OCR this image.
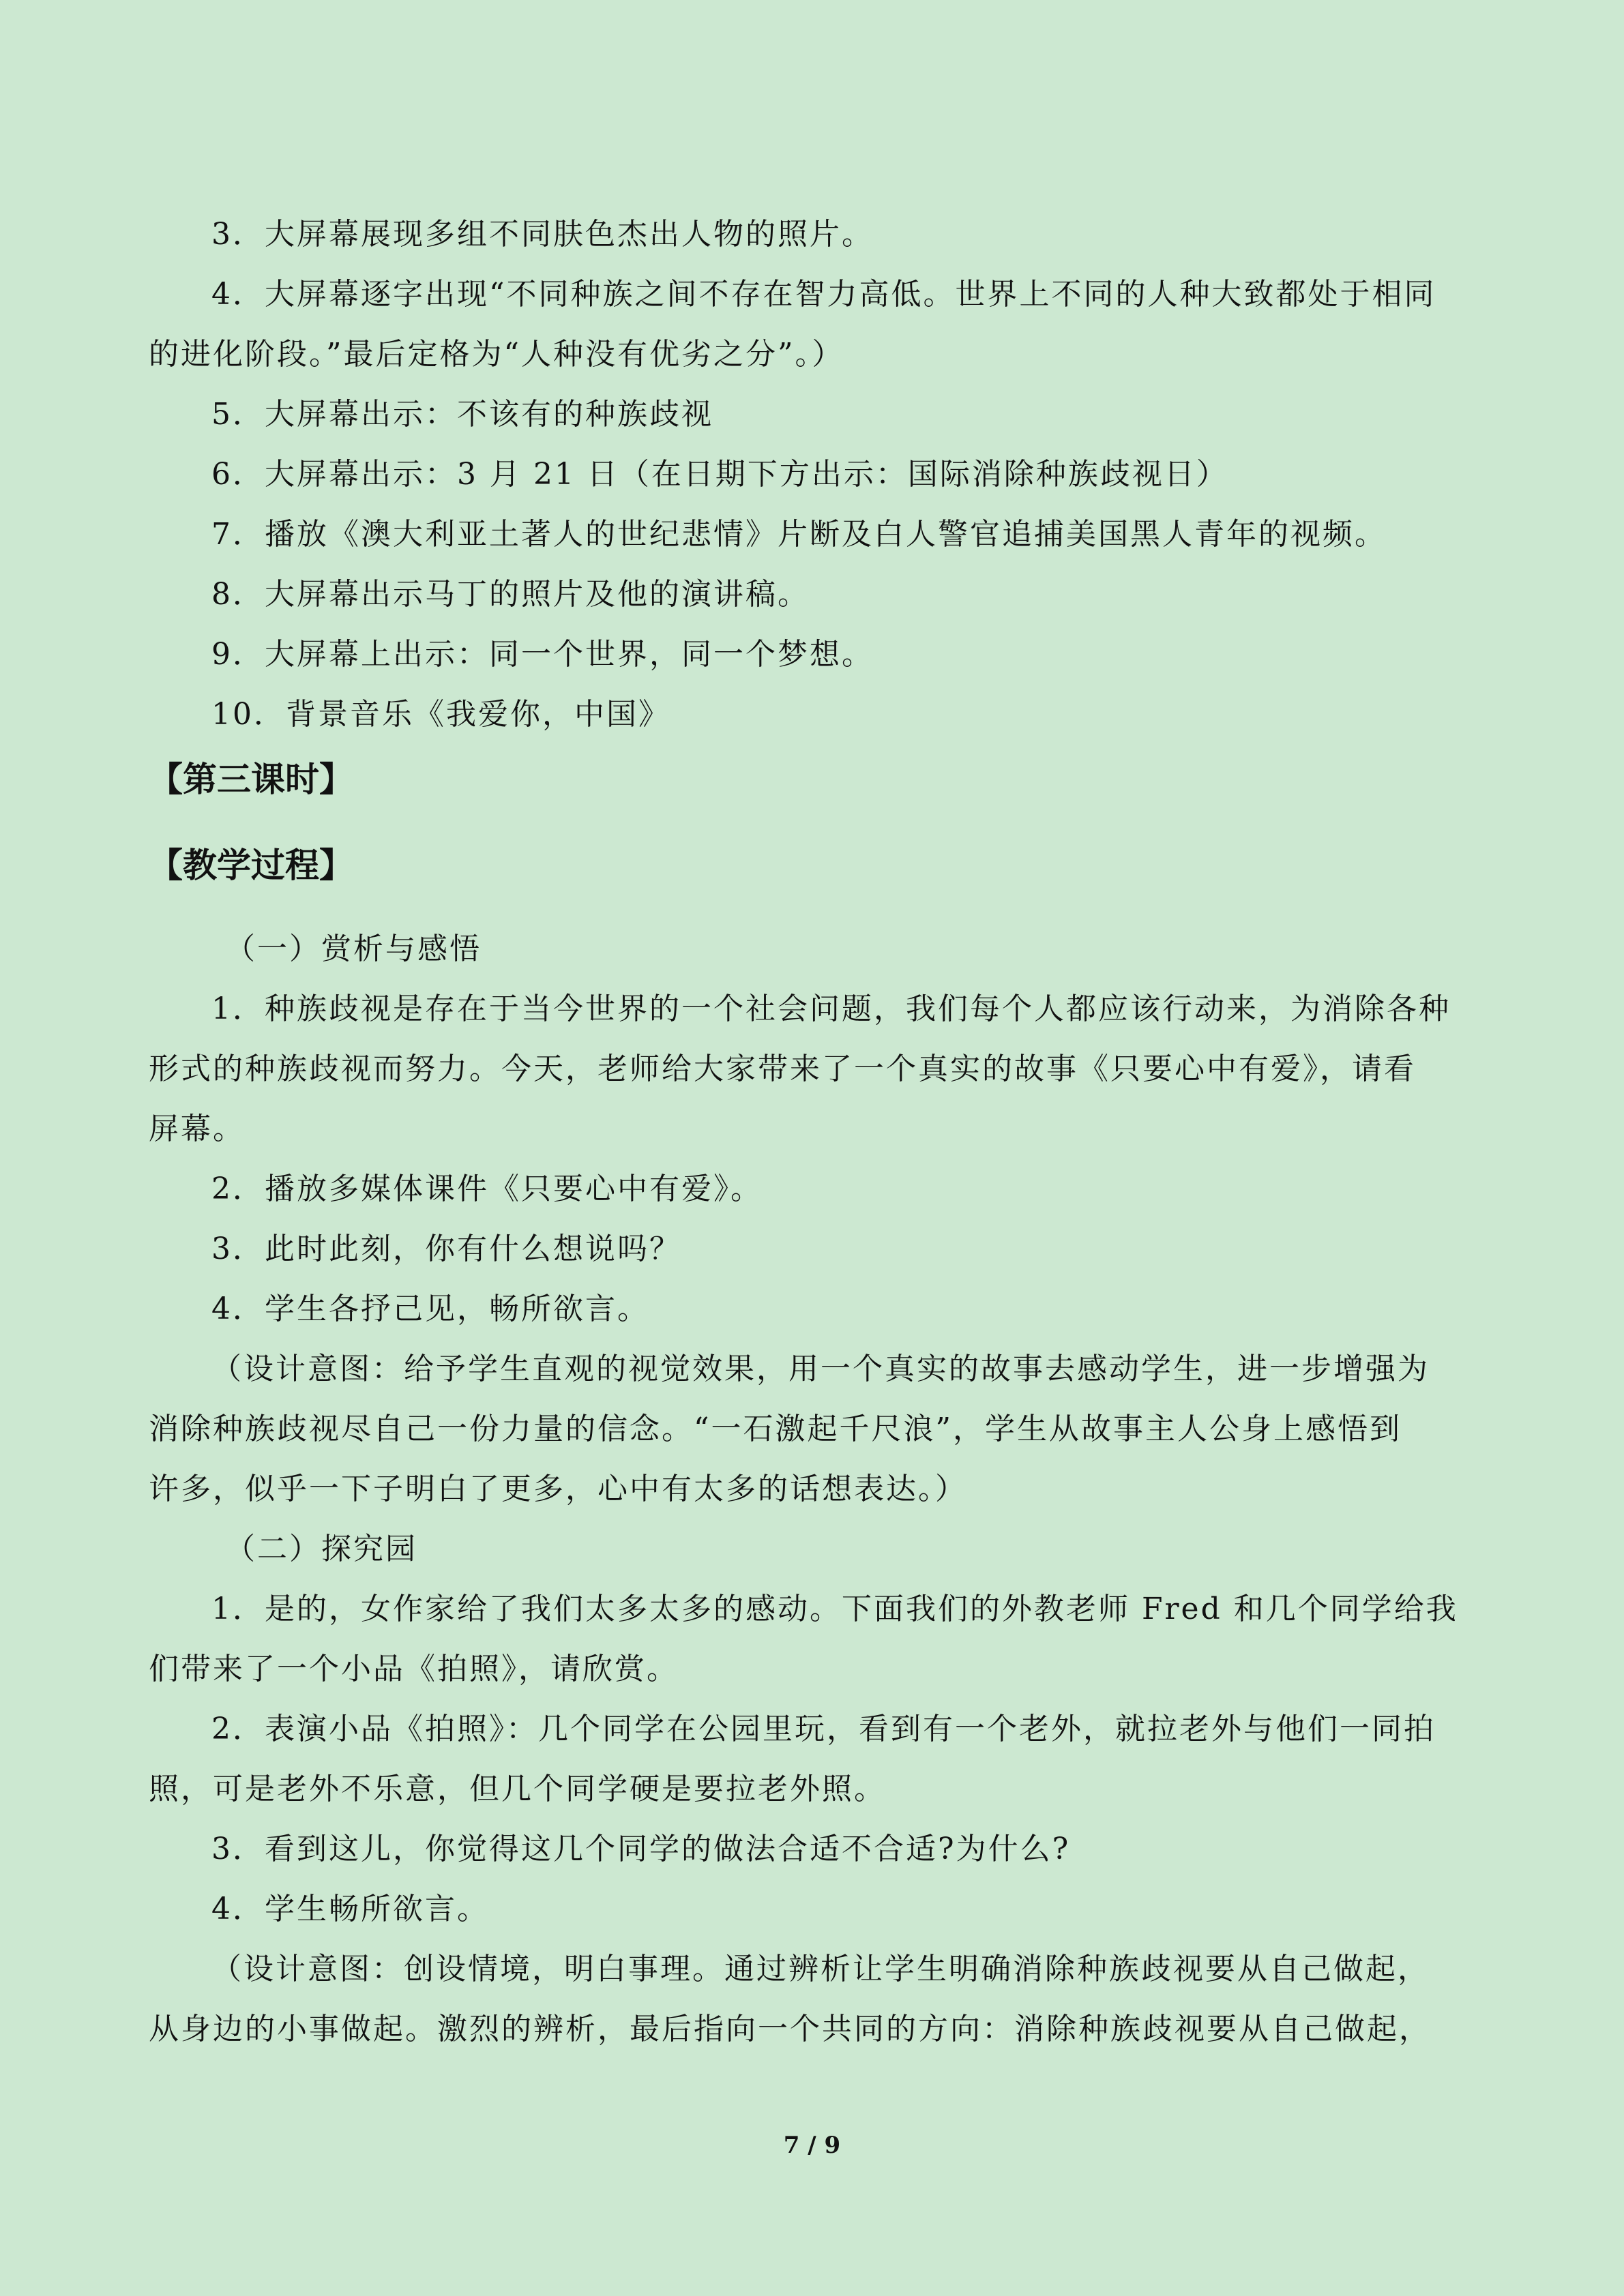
3．大屏幕展现多组不同肤色杰出人物的照片。
4．大屏幕逐字出现“不同种族之间不存在智力高低。世界上不同的人种大致都处于相同
的进化阶段。”最后定格为“人种没有优劣之分”。）
5．大屏幕出示：不该有的种族歧视
6．大屏幕出示：3 月 21 日（在日期下方出示：国际消除种族歧视日）
7．播放《澳大利亚土著人的世纪悲情》片断及白人警官追捕美国黑人青年的视频。
8．大屏幕出示马丁的照片及他的演讲稿。
9．大屏幕上出示：同一个世界，同一个梦想。
10．背景音乐《我爱你，中国》
【第三课时】
【教学过程】
（一）赏析与感悟
1．种族歧视是存在于当今世界的一个社会问题，我们每个人都应该行动来，为消除各种
形式的种族歧视而努力。今天，老师给大家带来了一个真实的故事《只要心中有爱》，请看
屏幕。
2．播放多媒体课件《只要心中有爱》。
3．此时此刻，你有什么想说吗？
4．学生各抒己见，畅所欲言。
（设计意图：给予学生直观的视觉效果，用一个真实的故事去感动学生，进一步增强为
消除种族歧视尽自己一份力量的信念。“一石激起千尺浪”，学生从故事主人公身上感悟到
许多，似乎一下子明白了更多，心中有太多的话想表达。）
（二）探究园
1．是的，女作家给了我们太多太多的感动。下面我们的外教老师 Fred 和几个同学给我
们带来了一个小品《拍照》，请欣赏。
2．表演小品《拍照》：几个同学在公园里玩，看到有一个老外，就拉老外与他们一同拍
照，可是老外不乐意，但几个同学硬是要拉老外照。
3．看到这儿，你觉得这几个同学的做法合适不合适?为什么?
4．学生畅所欲言。
（设计意图：创设情境，明白事理。通过辨析让学生明确消除种族歧视要从自己做起，
从身边的小事做起。激烈的辨析，最后指向一个共同的方向：消除种族歧视要从自己做起，
7 / 9
